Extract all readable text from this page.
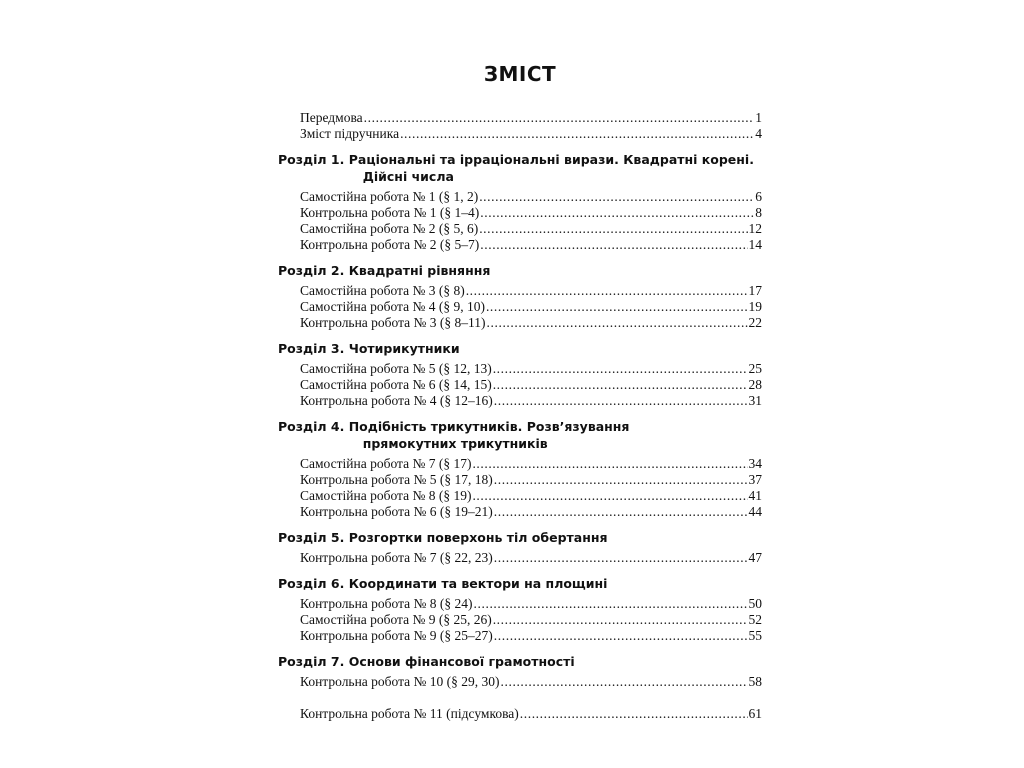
ЗМІСТ
Передмова .....	1
Зміст підручника .....	4
Розділ 1.
Раціональні та ірраціональні вирази. Квадратні корені.
Дійсні числа
Самостійна робота № 1 (§ 1, 2) .....	6
Контрольна робота № 1 (§ 1–4) .....	8
Самостійна робота № 2 (§ 5, 6) .....	12
Контрольна робота № 2 (§ 5–7) .....	14
Розділ 2.
Квадратні рівняння
Самостійна робота № 3 (§ 8) .....	17
Самостійна робота № 4 (§ 9, 10) .....	19
Контрольна робота № 3 (§ 8–11) .....	22
Розділ 3.
Чотирикутники
Самостійна робота № 5 (§ 12, 13) .....	25
Самостійна робота № 6 (§ 14, 15) .....	28
Контрольна робота № 4 (§ 12–16) .....	31
Розділ 4.
Подібність трикутників. Розв’язування
прямокутних трикутників
Самостійна робота № 7 (§ 17) .....	34
Контрольна робота № 5 (§ 17, 18) .....	37
Самостійна робота № 8 (§ 19) .....	41
Контрольна робота № 6 (§ 19–21) .....	44
Розділ 5.
Розгортки поверхонь тіл обертання
Контрольна робота № 7 (§ 22, 23) .....	47
Розділ 6.
Координати та вектори на площині
Контрольна робота № 8 (§ 24) .....	50
Самостійна робота № 9 (§ 25, 26) .....	52
Контрольна робота № 9 (§ 25–27) .....	55
Розділ 7.
Основи фінансової грамотності
Контрольна робота № 10 (§ 29, 30) .....	58
Контрольна робота № 11 (підсумкова) .....	61
